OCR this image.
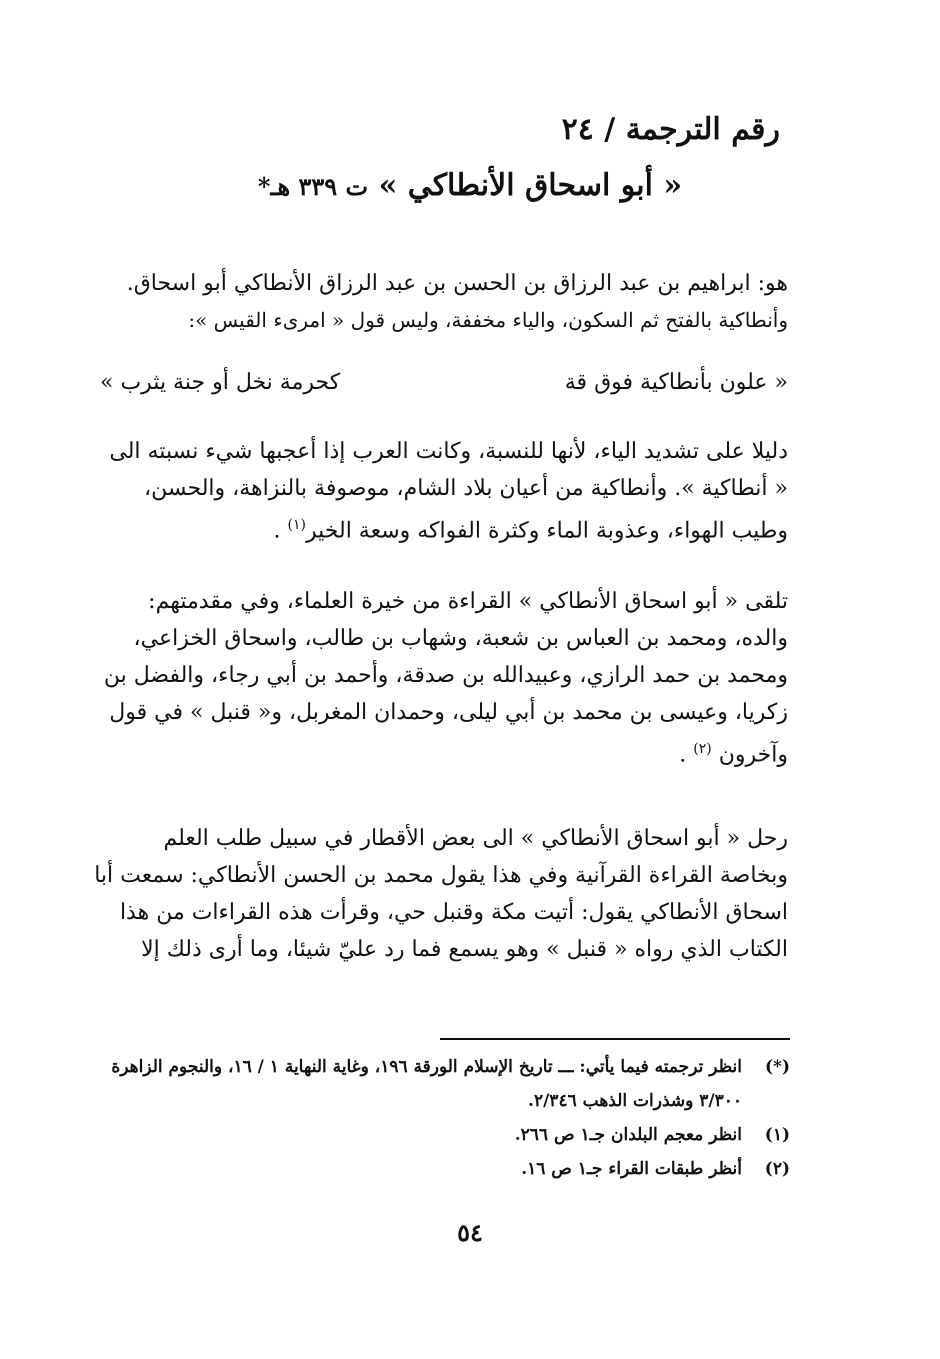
رقم الترجمة / ٢٤
« أبو اسحاق الأنطاكي » ت ٣٣٩ هـ*
هو: ابراهيم بن عبد الرزاق بن الحسن بن عبد الرزاق الأنطاكي أبو اسحاق.
وأنطاكية بالفتح ثم السكون، والياء مخففة، وليس قول « امرىء القيس »:
« علون بأنطاكية فوق قة
كحرمة نخل أو جنة يثرب »
دليلا على تشديد الياء، لأنها للنسبة، وكانت العرب إذا أعجبها شيء نسبته الى
« أنطاكية ». وأنطاكية من أعيان بلاد الشام، موصوفة بالنزاهة، والحسن،
وطيب الهواء، وعذوبة الماء وكثرة الفواكه وسعة الخير$^{(١)}$ .
تلقى « أبو اسحاق الأنطاكي » القراءة من خيرة العلماء، وفي مقدمتهم:
والده، ومحمد بن العباس بن شعبة، وشهاب بن طالب، واسحاق الخزاعي،
ومحمد بن حمد الرازي، وعبيدالله بن صدقة، وأحمد بن أبي رجاء، والفضل بن
زكريا، وعيسى بن محمد بن أبي ليلى، وحمدان المغربل، و« قنبل » في قول
وآخرون $^{(٢)}$ .
رحل « أبو اسحاق الأنطاكي » الى بعض الأقطار في سبيل طلب العلم
وبخاصة القراءة القرآنية وفي هذا يقول محمد بن الحسن الأنطاكي: سمعت أبا
اسحاق الأنطاكي يقول: أتيت مكة وقنبل حي، وقرأت هذه القراءات من هذا
الكتاب الذي رواه « قنبل » وهو يسمع فما رد عليّ شيئا، وما أرى ذلك إلا
(*)
انظر ترجمته فيما يأتي: ـــ تاريخ الإسلام الورقة ١٩٦، وغاية النهاية ١ / ١٦، والنجوم الزاهرة
٣/٣٠٠ وشذرات الذهب ٢/٣٤٦.
(١)
انظر معجم البلدان جـ١ ص ٢٦٦.
(٢)
أنظر طبقات القراء جـ١ ص ١٦.
٥٤
